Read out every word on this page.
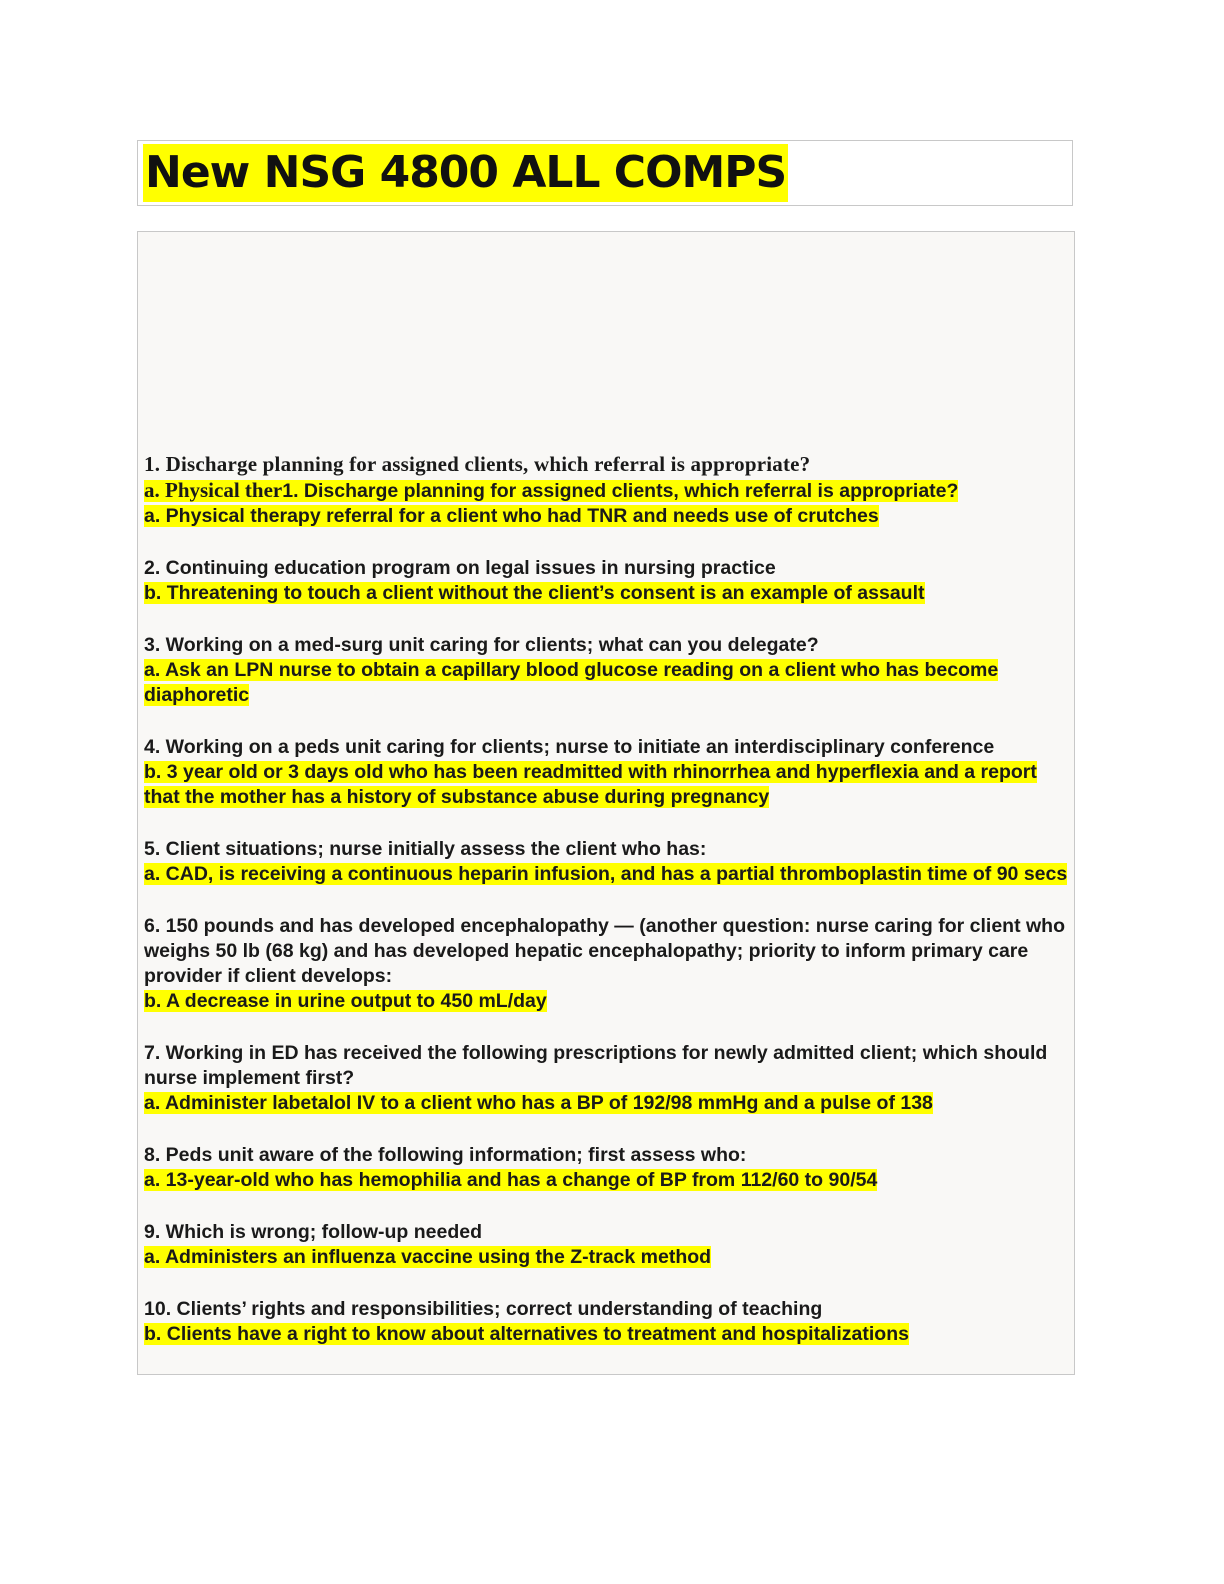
New NSG 4800 ALL COMPS
1. Discharge planning for assigned clients, which referral is appropriate?
a. Physical ther1. Discharge planning for assigned clients, which referral is appropriate?
a. Physical therapy referral for a client who had TNR and needs use of crutches
2. Continuing education program on legal issues in nursing practice
b. Threatening to touch a client without the client’s consent is an example of assault
3. Working on a med-surg unit caring for clients; what can you delegate?
a. Ask an LPN nurse to obtain a capillary blood glucose reading on a client who has become diaphoretic
4. Working on a peds unit caring for clients; nurse to initiate an interdisciplinary conference
b. 3 year old or 3 days old who has been readmitted with rhinorrhea and hyperflexia and a report that the mother has a history of substance abuse during pregnancy
5. Client situations; nurse initially assess the client who has:
a. CAD, is receiving a continuous heparin infusion, and has a partial thromboplastin time of 90 secs
6. 150 pounds and has developed encephalopathy — (another question: nurse caring for client who weighs 50 lb (68 kg) and has developed hepatic encephalopathy; priority to inform primary care provider if client develops:
b. A decrease in urine output to 450 mL/day
7. Working in ED has received the following prescriptions for newly admitted client; which should nurse implement first?
a. Administer labetalol IV to a client who has a BP of 192/98 mmHg and a pulse of 138
8. Peds unit aware of the following information; first assess who:
a. 13-year-old who has hemophilia and has a change of BP from 112/60 to 90/54
9. Which is wrong; follow-up needed
a. Administers an influenza vaccine using the Z-track method
10. Clients’ rights and responsibilities; correct understanding of teaching
b. Clients have a right to know about alternatives to treatment and hospitalizations
